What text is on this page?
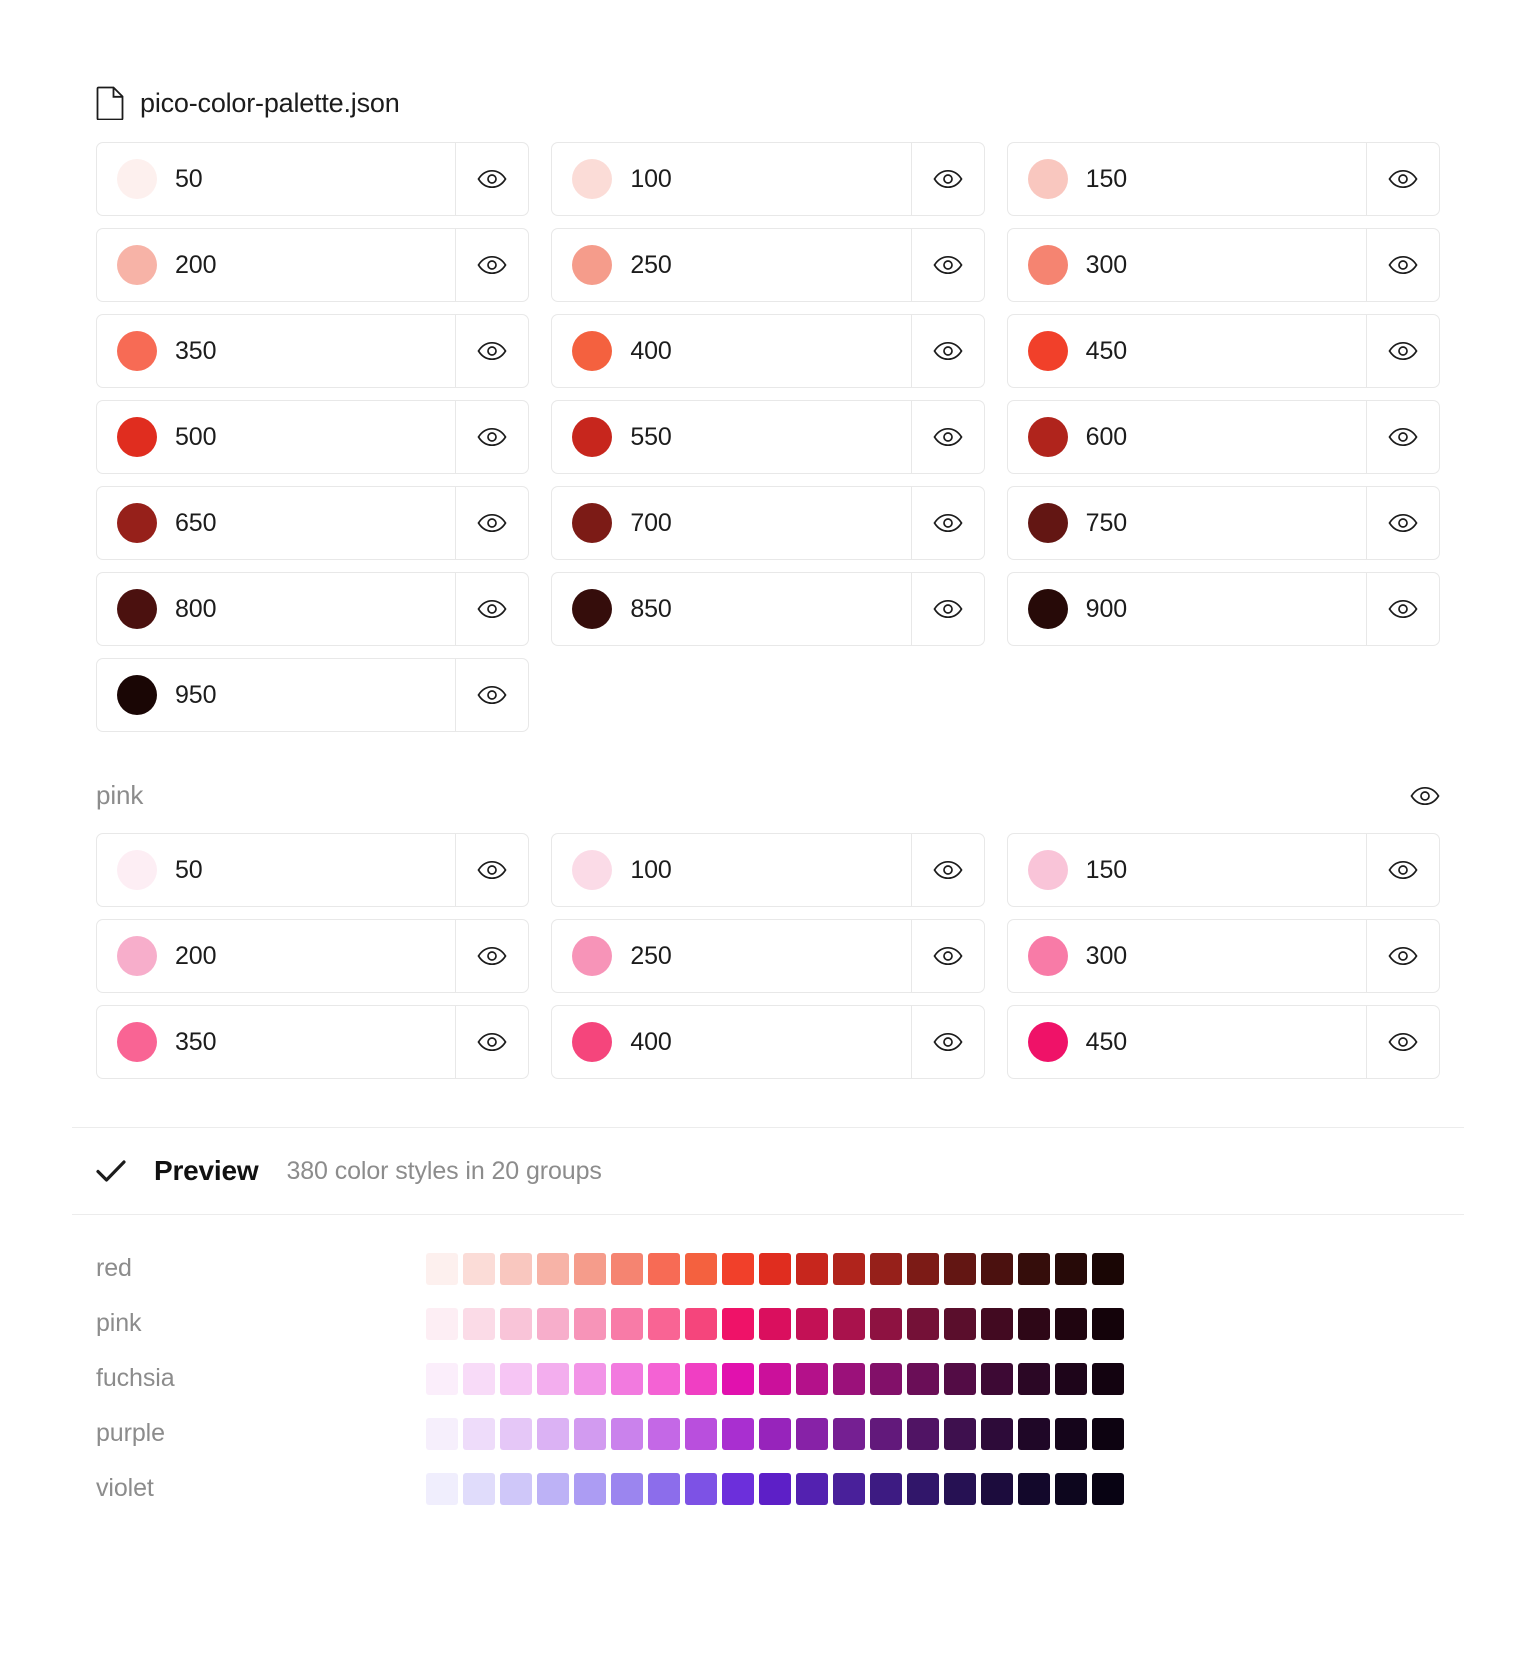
pico-color-palette.json
50	100	150
200	250	300
350	400	450
500	550	600
650	700	750
800	850	900
950
pink
50	100	150
200	250	300
350	400	450
Preview 380 color styles in 20 groups
red
pink
fuchsia
purple
violet
